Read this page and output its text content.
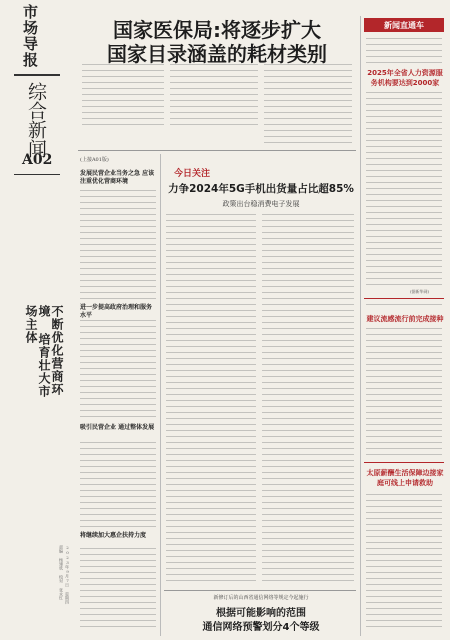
市场导报
综合新闻
A02
不断优化营商环境 培育壮大市场主体
责编 杨建欣 校对 张永红 2023年9月7日 星期四
国家医保局:将逐步扩大
国家目录涵盖的耗材类别
(上接A01版)
发展民营企业当务之急 应该注重优化营商环境
进一步提高政府治理和服务水平
吸引民营企业 通过整体发展
将继续加大惠企扶持力度
今日关注
力争2024年5G手机出货量占比超85%
政策出台稳消费电子发展
新修订后的山西省通信网络等规定今起施行
根据可能影响的范围
通信网络预警划分4个等级
新闻直通车
2025年全省人力资源服务机构要达到2000家
(据新华网)
建议流感流行前完成接种
太原薪酬生活保障边接家庭可线上申请救助
